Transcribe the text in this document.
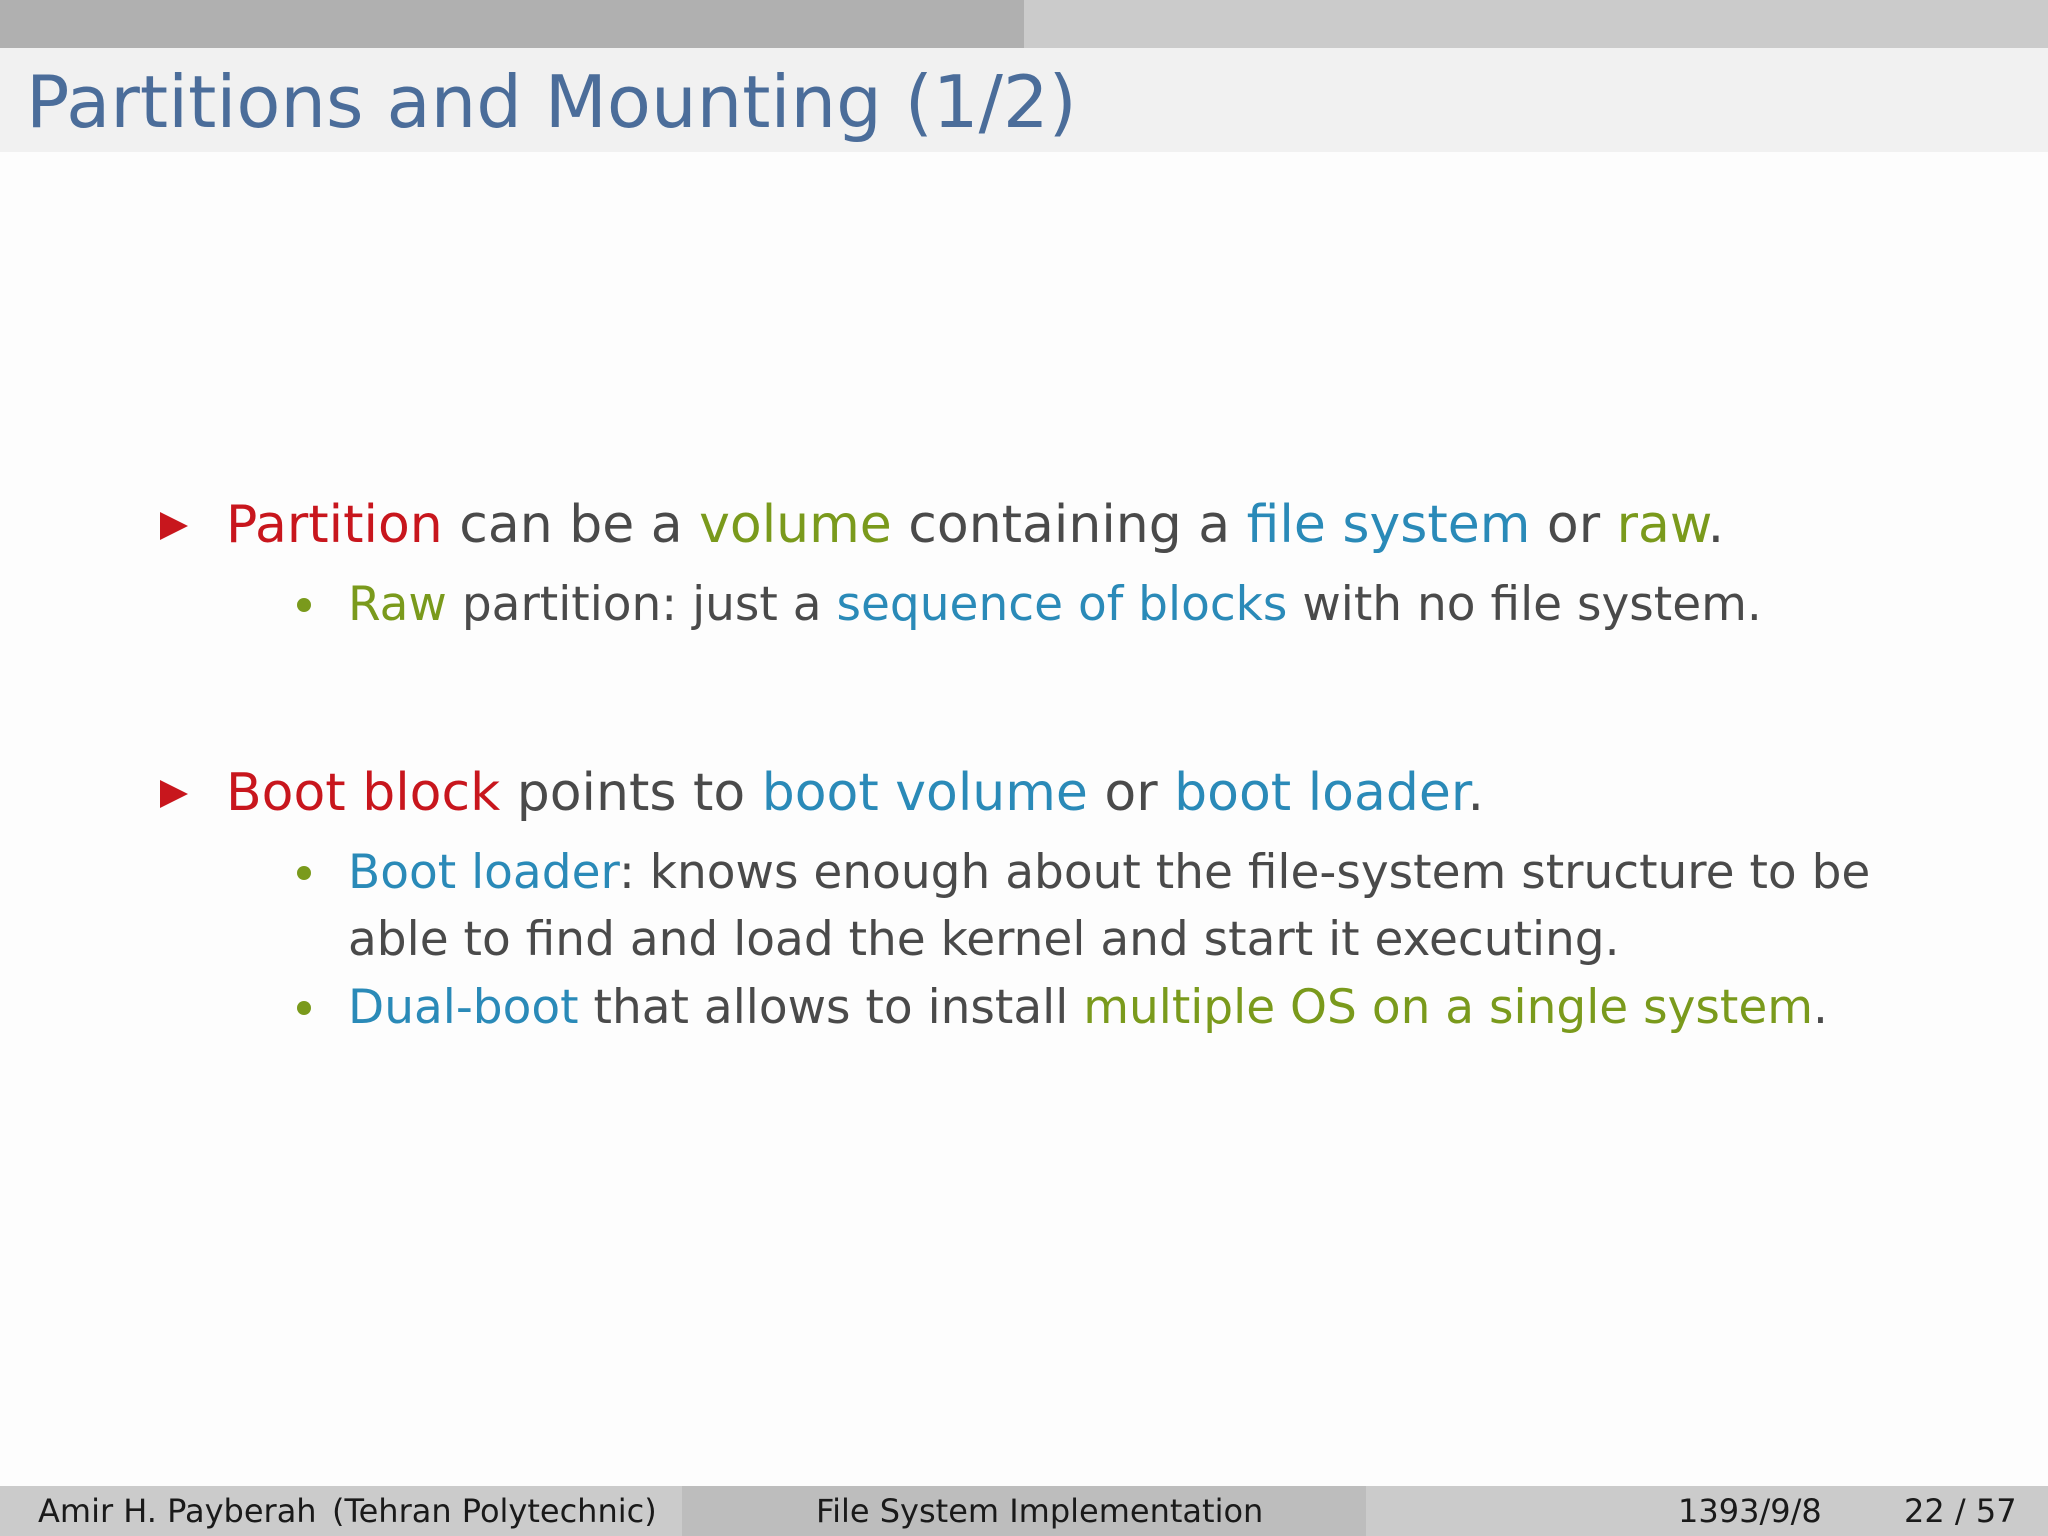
Partitions and Mounting (1/2)
Partition can be a volume containing a file system or raw.
Raw partition: just a sequence of blocks with no file system.
Boot block points to boot volume or boot loader.
Boot loader: knows enough about the file-system structure to be
able to find and load the kernel and start it executing.
Dual-boot that allows to install multiple OS on a single system.
Amir H. Payberah (Tehran Polytechnic)	File System Implementation	1393/9/8	22 / 57
